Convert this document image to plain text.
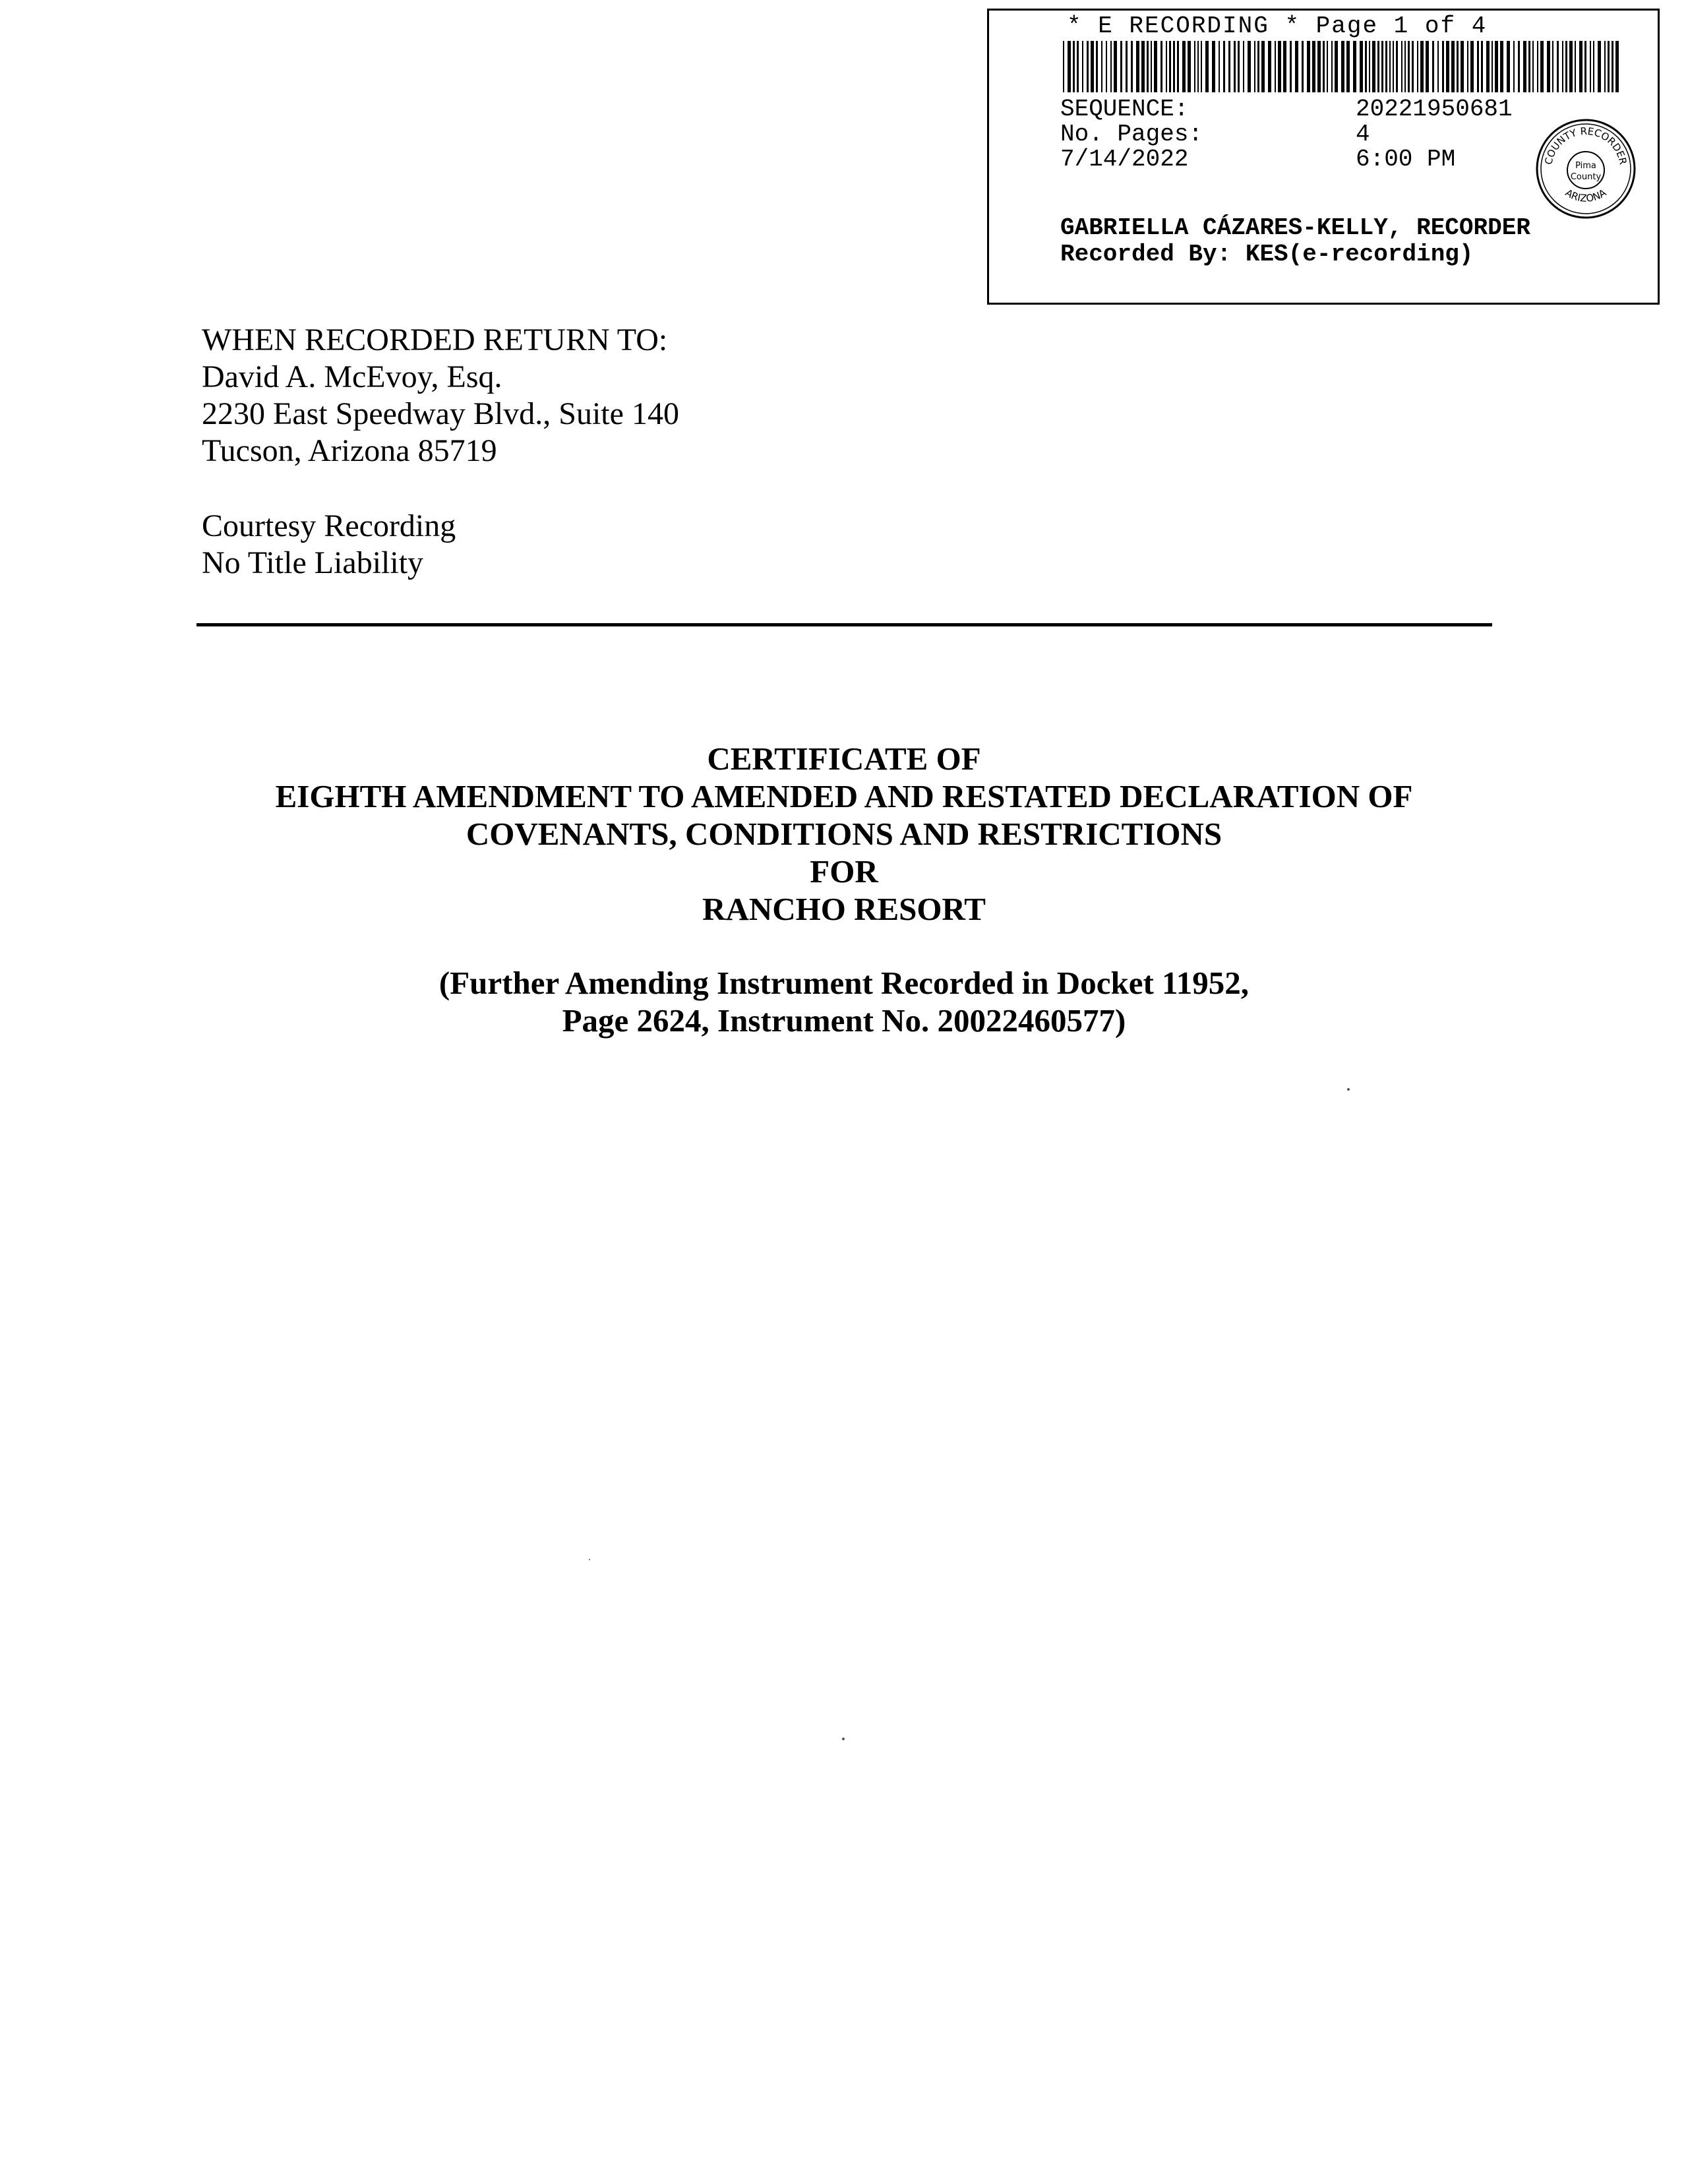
* E RECORDING * Page 1 of 4
SEQUENCE:	20221950681
No. Pages:	4
7/14/2022	6:00 PM	COUNTY RECORDER
ARIZONA
Pima
County
GABRIELLA CÁZARES-KELLY, RECORDER
Recorded By: KES(e-recording)
WHEN RECORDED RETURN TO:
David A. McEvoy, Esq.
2230 East Speedway Blvd., Suite 140
Tucson, Arizona 85719
Courtesy Recording
No Title Liability
CERTIFICATE OF
EIGHTH AMENDMENT TO AMENDED AND RESTATED DECLARATION OF
COVENANTS, CONDITIONS AND RESTRICTIONS
FOR
RANCHO RESORT
(Further Amending Instrument Recorded in Docket 11952,
Page 2624, Instrument No. 20022460577)
